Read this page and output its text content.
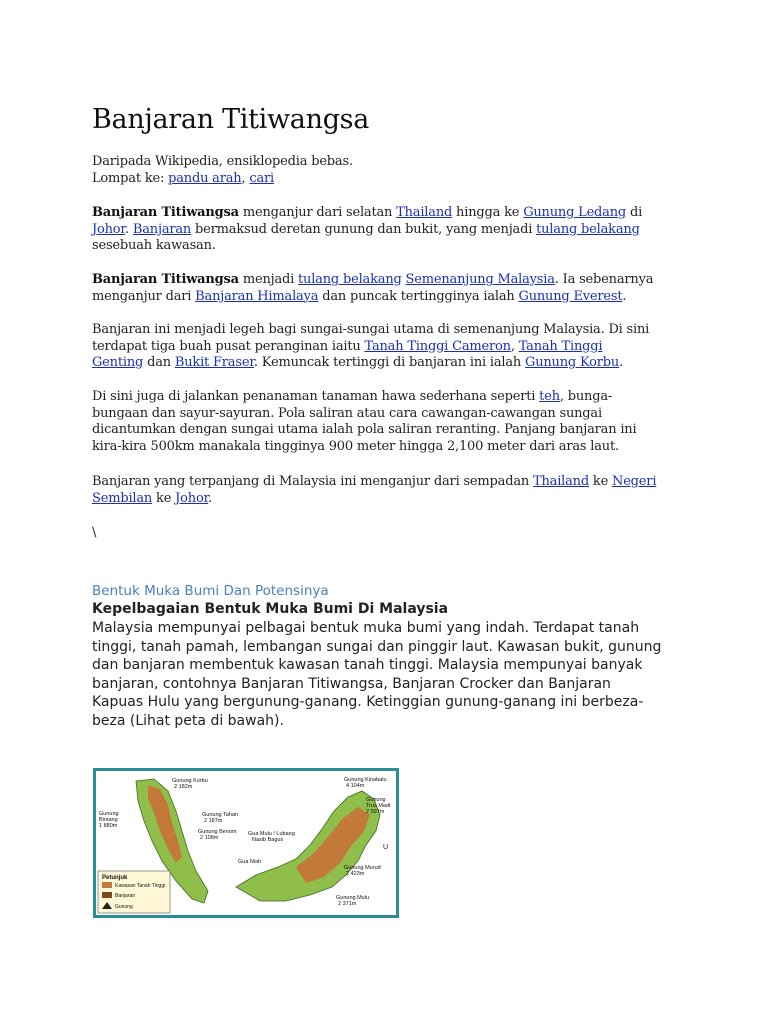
Banjaran Titiwangsa

Daripada Wikipedia, ensiklopedia bebas.
Lompat ke: pandu arah, cari

Banjaran Titiwangsa menganjur dari selatan Thailand hingga ke Gunung Ledang di Johor. Banjaran bermaksud deretan gunung dan bukit, yang menjadi tulang belakang sesebuah kawasan.

Banjaran Titiwangsa menjadi tulang belakang Semenanjung Malaysia. Ia sebenarnya menganjur dari Banjaran Himalaya dan puncak tertingginya ialah Gunung Everest.

Banjaran ini menjadi legeh bagi sungai-sungai utama di semenanjung Malaysia. Di sini terdapat tiga buah pusat peranginan iaitu Tanah Tinggi Cameron, Tanah Tinggi Genting dan Bukit Fraser. Kemuncak tertinggi di banjaran ini ialah Gunung Korbu.

Di sini juga di jalankan penanaman tanaman hawa sederhana seperti teh, bunga-bungaan dan sayur-sayuran. Pola saliran atau cara cawangan-cawangan sungai dicantumkan dengan sungai utama ialah pola saliran reranting. Panjang banjaran ini kira-kira 500km manakala tingginya 900 meter hingga 2,100 meter dari aras laut.

Banjaran yang terpanjang di Malaysia ini menganjur dari sempadan Thailand ke Negeri Sembilan ke Johor.

\

Bentuk Muka Bumi Dan Potensinya

Kepelbagaian Bentuk Muka Bumi Di Malaysia

Malaysia mempunyai pelbagai bentuk muka bumi yang indah. Terdapat tanah tinggi, tanah pamah, lembangan sungai dan pinggir laut. Kawasan bukit, gunung dan banjaran membentuk kawasan tanah tinggi. Malaysia mempunyai banyak banjaran, contohnya Banjaran Titiwangsa, Banjaran Crocker dan Banjaran Kapuas Hulu yang bergunung-ganang. Ketinggian gunung-ganang ini berbeza-beza (Lihat peta di bawah).

Gunung Korbu
2 182m
Gunung
Bintang
1 880m
Gunung Tahan
2 187m
Gunung Benom
2 108m
Gunung Kinabalu
4 104m
Gunung
Trus Madi
2 597m
Gua Mulu / Lubang
Nasib Bagus
Gua Niah
Gunung Murud
2 423m
Gunung Mulu
2 371m
U
Petunjuk
Kawasan Tanah Tinggi
Banjaran
Gunung
